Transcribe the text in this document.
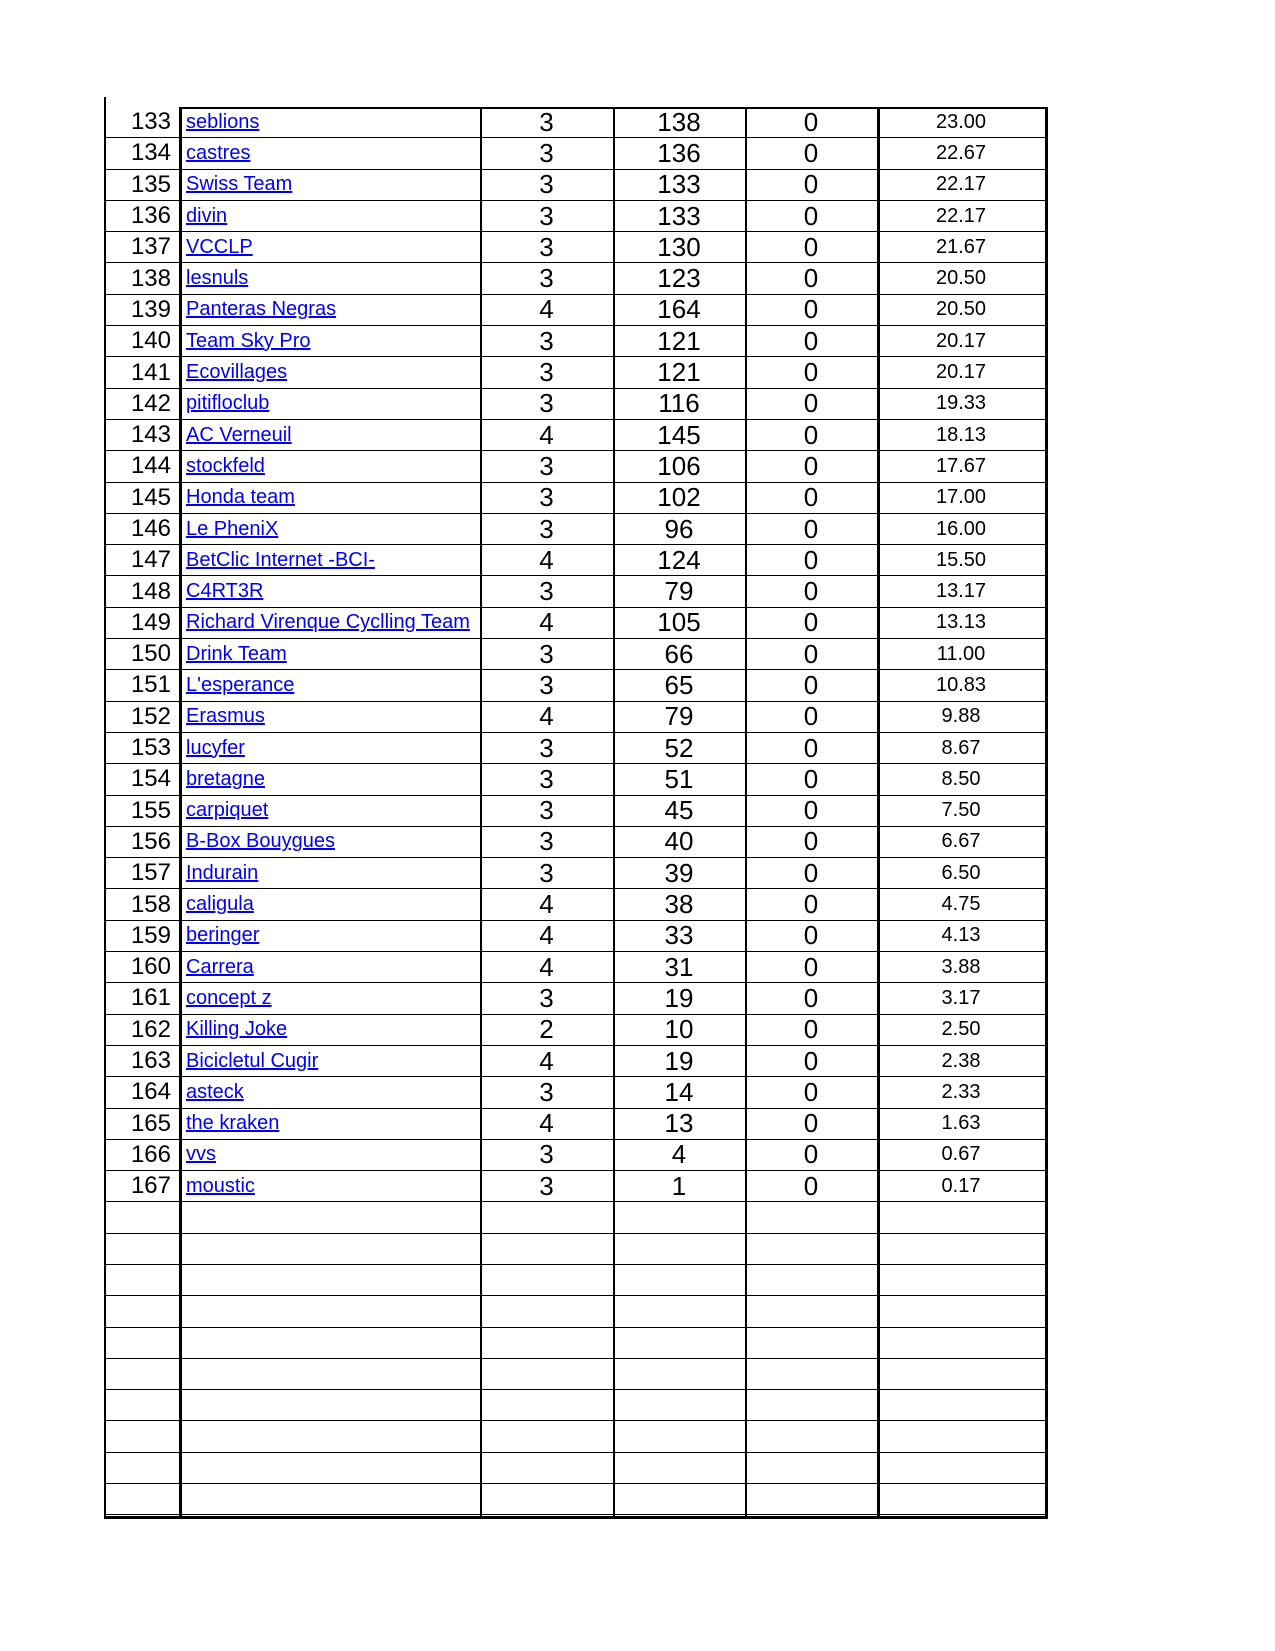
133 seblions	3	138	0	23.00
134 castres	3	136	0	22.67
135 Swiss Team	3	133	0	22.17
136 divin	3	133	0	22.17
137 VCCLP	3	130	0	21.67
138 lesnuls	3	123	0	20.50
139 Panteras Negras	4	164	0	20.50
140 Team Sky Pro	3	121	0	20.17
141 Ecovillages	3	121	0	20.17
142 pitifloclub	3	116	0	19.33
143 AC Verneuil	4	145	0	18.13
144 stockfeld	3	106	0	17.67
145 Honda team	3	102	0	17.00
146 Le PheniX	3	96	0	16.00
147 BetClic Internet -BCI-	4	124	0	15.50
148 C4RT3R	3	79	0	13.17
149 Richard Virenque Cyclling Team	4	105	0	13.13
150 Drink Team	3	66	0	11.00
151 L'esperance	3	65	0	10.83
152 Erasmus	4	79	0	9.88
153 lucyfer	3	52	0	8.67
154 bretagne	3	51	0	8.50
155 carpiquet	3	45	0	7.50
156 B-Box Bouygues	3	40	0	6.67
157 Indurain	3	39	0	6.50
158 caligula	4	38	0	4.75
159 beringer	4	33	0	4.13
160 Carrera	4	31	0	3.88
161 concept z	3	19	0	3.17
162 Killing Joke	2	10	0	2.50
163 Bicicletul Cugir	4	19	0	2.38
164 asteck	3	14	0	2.33
165 the kraken	4	13	0	1.63
166 vvs	3	4	0	0.67
167 moustic	3	1	0	0.17
